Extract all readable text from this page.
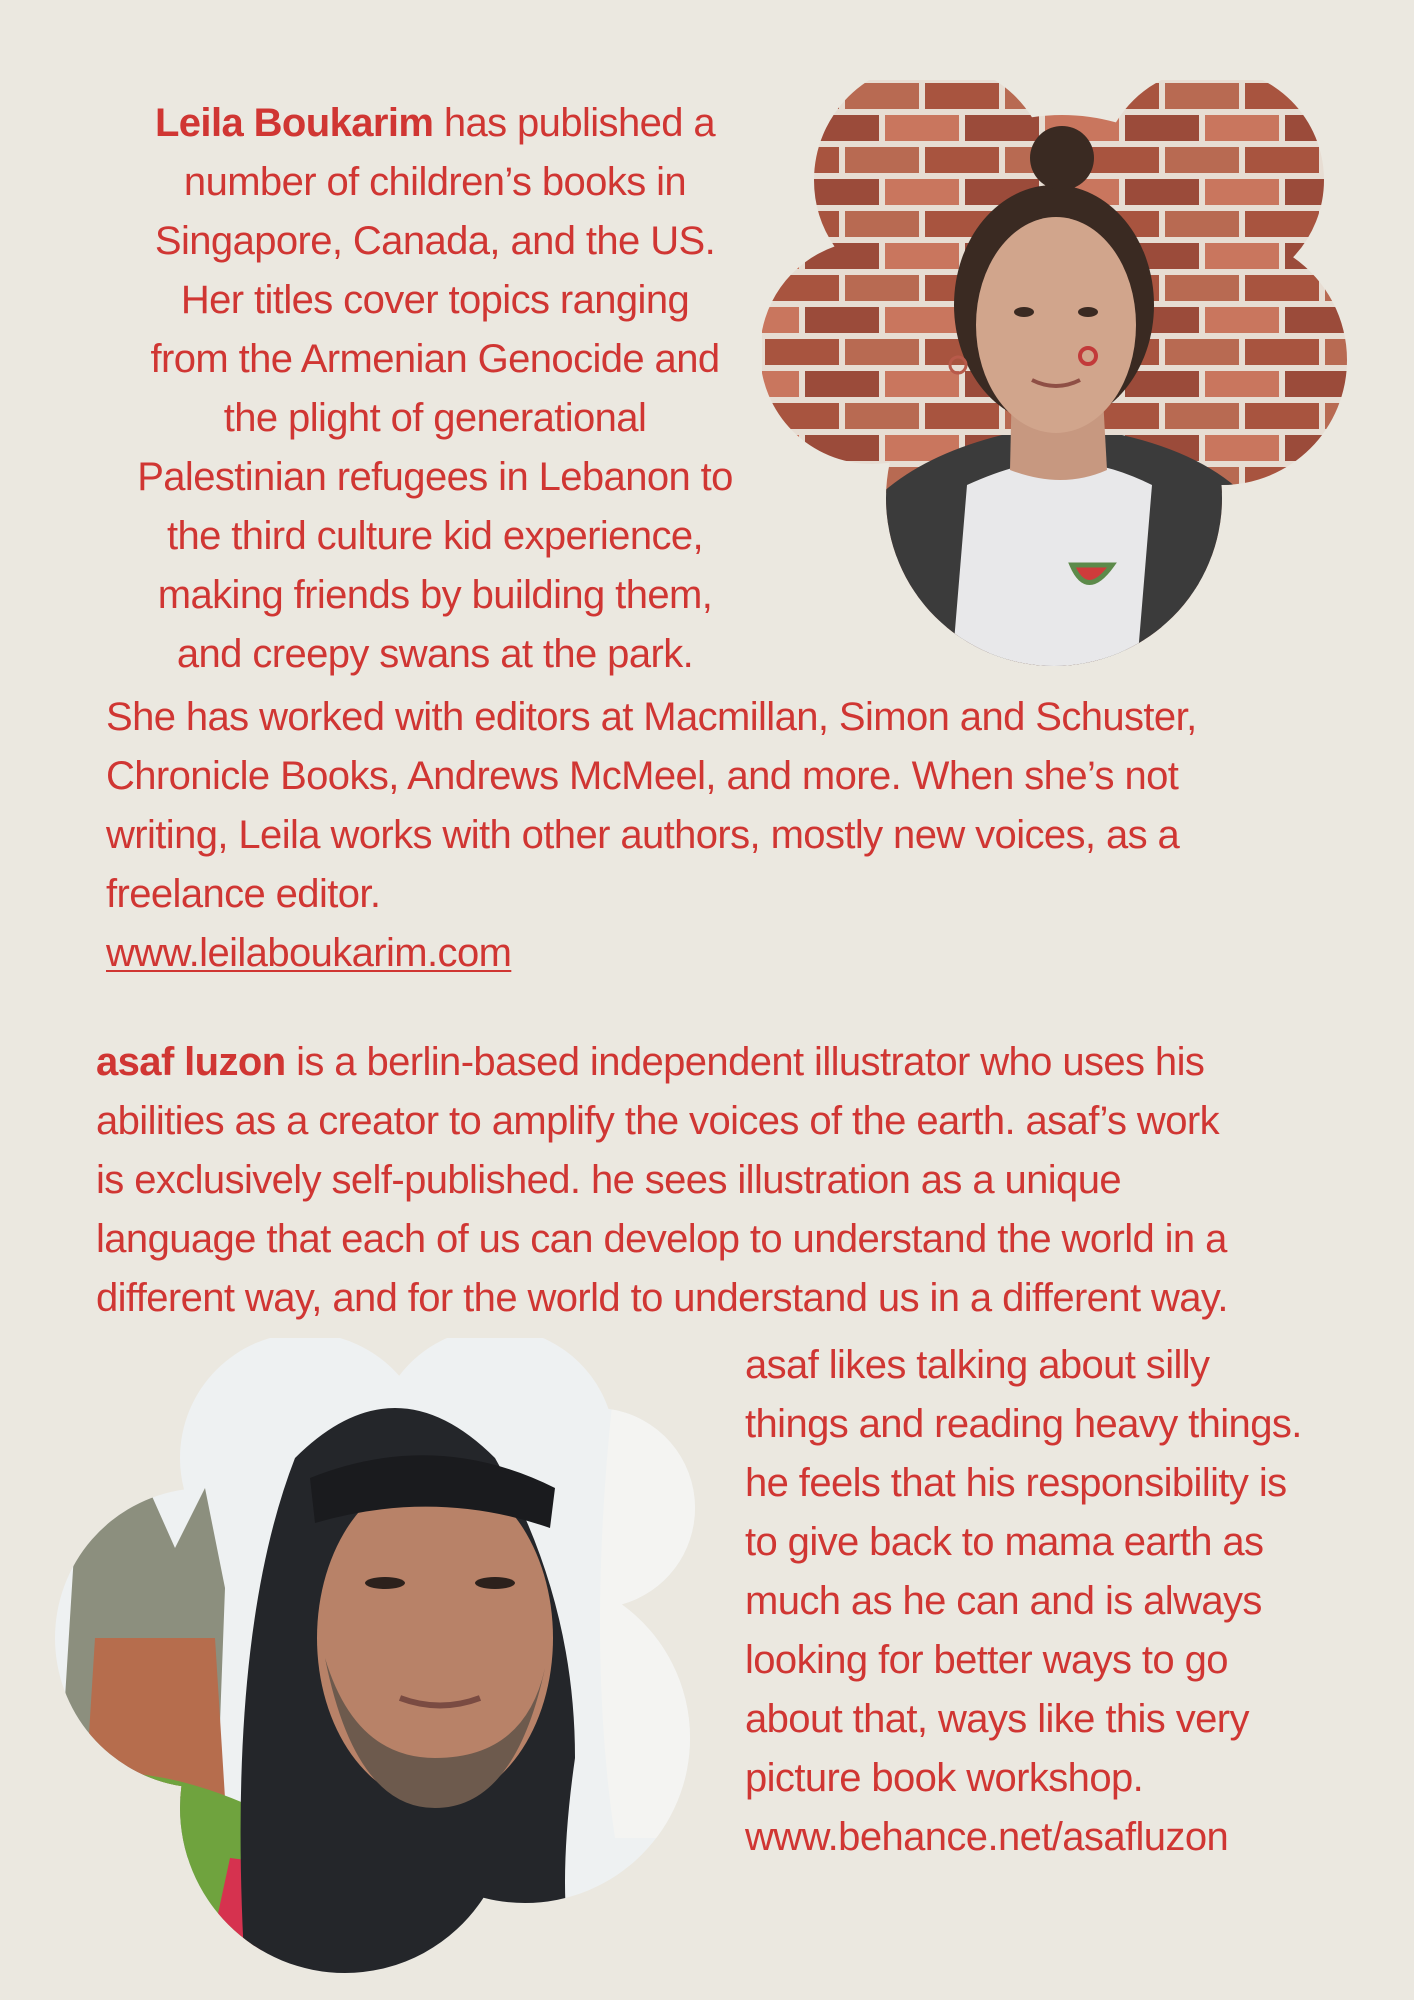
Leila Boukarim has published a
number of children’s books in
Singapore, Canada, and the US.
Her titles cover topics ranging
from the Armenian Genocide and
the plight of generational
Palestinian refugees in Lebanon to
the third culture kid experience,
making friends by building them,
and creepy swans at the park.
She has worked with editors at Macmillan, Simon and Schuster,
Chronicle Books, Andrews McMeel, and more. When she’s not
writing, Leila works with other authors, mostly new voices, as a
freelance editor.
www.leilaboukarim.com
asaf luzon is a berlin-based independent illustrator who uses his
abilities as a creator to amplify the voices of the earth. asaf’s work
is exclusively self-published. he sees illustration as a unique
language that each of us can develop to understand the world in a
different way, and for the world to understand us in a different way.
asaf likes talking about silly
things and reading heavy things.
he feels that his responsibility is
to give back to mama earth as
much as he can and is always
looking for better ways to go
about that, ways like this very
picture book workshop.
www.behance.net/asafluzon
